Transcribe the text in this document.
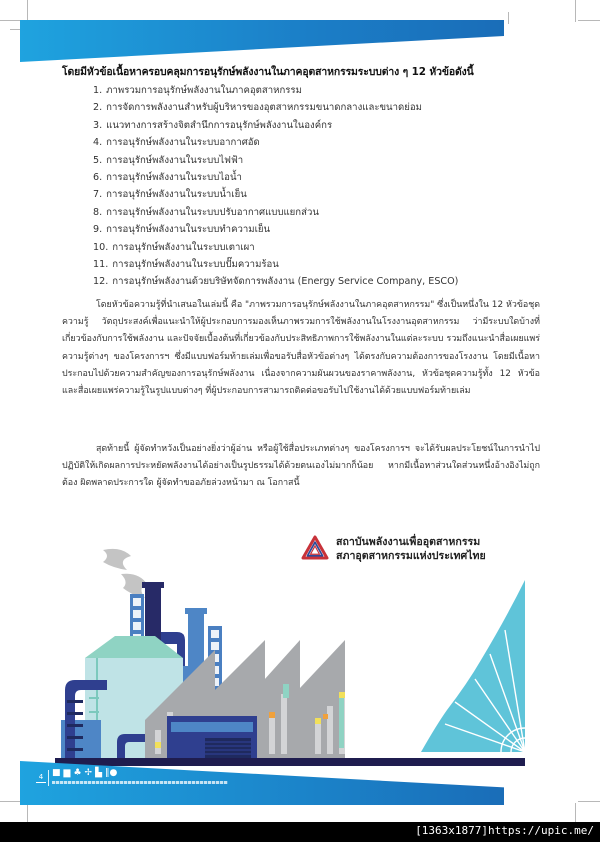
โดยมีหัวข้อเนื้อหาครอบคลุมการอนุรักษ์พลังงานในภาคอุตสาหกรรมระบบต่าง ๆ 12 หัวข้อดังนี้
1. ภาพรวมการอนุรักษ์พลังงานในภาคอุตสาหกรรม
2. การจัดการพลังงานสำหรับผู้บริหารของอุตสาหกรรมขนาดกลางและขนาดย่อม
3. แนวทางการสร้างจิตสำนึกการอนุรักษ์พลังงานในองค์กร
4. การอนุรักษ์พลังงานในระบบอากาศอัด
5. การอนุรักษ์พลังงานในระบบไฟฟ้า
6. การอนุรักษ์พลังงานในระบบไอน้ำ
7. การอนุรักษ์พลังงานในระบบน้ำเย็น
8. การอนุรักษ์พลังงานในระบบปรับอากาศแบบแยกส่วน
9. การอนุรักษ์พลังงานในระบบทำความเย็น
10. การอนุรักษ์พลังงานในระบบเตาเผา
11. การอนุรักษ์พลังงานในระบบปั๊มความร้อน
12. การอนุรักษ์พลังงานด้วยบริษัทจัดการพลังงาน (Energy Service Company, ESCO)

โดยหัวข้อความรู้ที่นำเสนอในเล่มนี้ คือ "ภาพรวมการอนุรักษ์พลังงานในภาคอุตสาหกรรม" ซึ่งเป็นหนึ่งใน 12 หัวข้อชุดความรู้ วัตถุประสงค์เพื่อแนะนำให้ผู้ประกอบการมองเห็นภาพรวมการใช้พลังงานในโรงงานอุตสาหกรรม ว่ามีระบบใดบ้างที่เกี่ยวข้องกับการใช้พลังงาน และปัจจัยเบื้องต้นที่เกี่ยวข้องกับประสิทธิภาพการใช้พลังงานในแต่ละระบบ รวมถึงแนะนำสื่อเผยแพร่ความรู้ต่างๆ ของโครงการฯ ซึ่งมีแบบฟอร์มท้ายเล่มเพื่อขอรับสื่อหัวข้อต่างๆ ได้ตรงกับความต้องการของโรงงาน โดยมีเนื้อหาประกอบไปด้วยความสำคัญของการอนุรักษ์พลังงาน เนื่องจากความผันผวนของราคาพลังงาน, หัวข้อชุดความรู้ทั้ง 12 หัวข้อ และสื่อเผยแพร่ความรู้ในรูปแบบต่างๆ ที่ผู้ประกอบการสามารถติดต่อขอรับไปใช้งานได้ด้วยแบบฟอร์มท้ายเล่ม

สุดท้ายนี้ ผู้จัดทำหวังเป็นอย่างยิ่งว่าผู้อ่าน หรือผู้ใช้สื่อประเภทต่างๆ ของโครงการฯ จะได้รับผลประโยชน์ในการนำไปปฏิบัติให้เกิดผลการประหยัดพลังงานได้อย่างเป็นรูปธรรมได้ด้วยตนเองไม่มากก็น้อย หากมีเนื้อหาส่วนใดส่วนหนึ่งอ้างอิงไม่ถูกต้อง ผิดพลาดประการใด ผู้จัดทำขออภัยล่วงหน้ามา ณ โอกาสนี้

สถาบันพลังงานเพื่ออุตสาหกรรม
สภาอุตสาหกรรมแห่งประเทศไทย
4 ■ ▆ ♣ ✢ ▙ ‖●
[1363x1877]https://upic.me/
